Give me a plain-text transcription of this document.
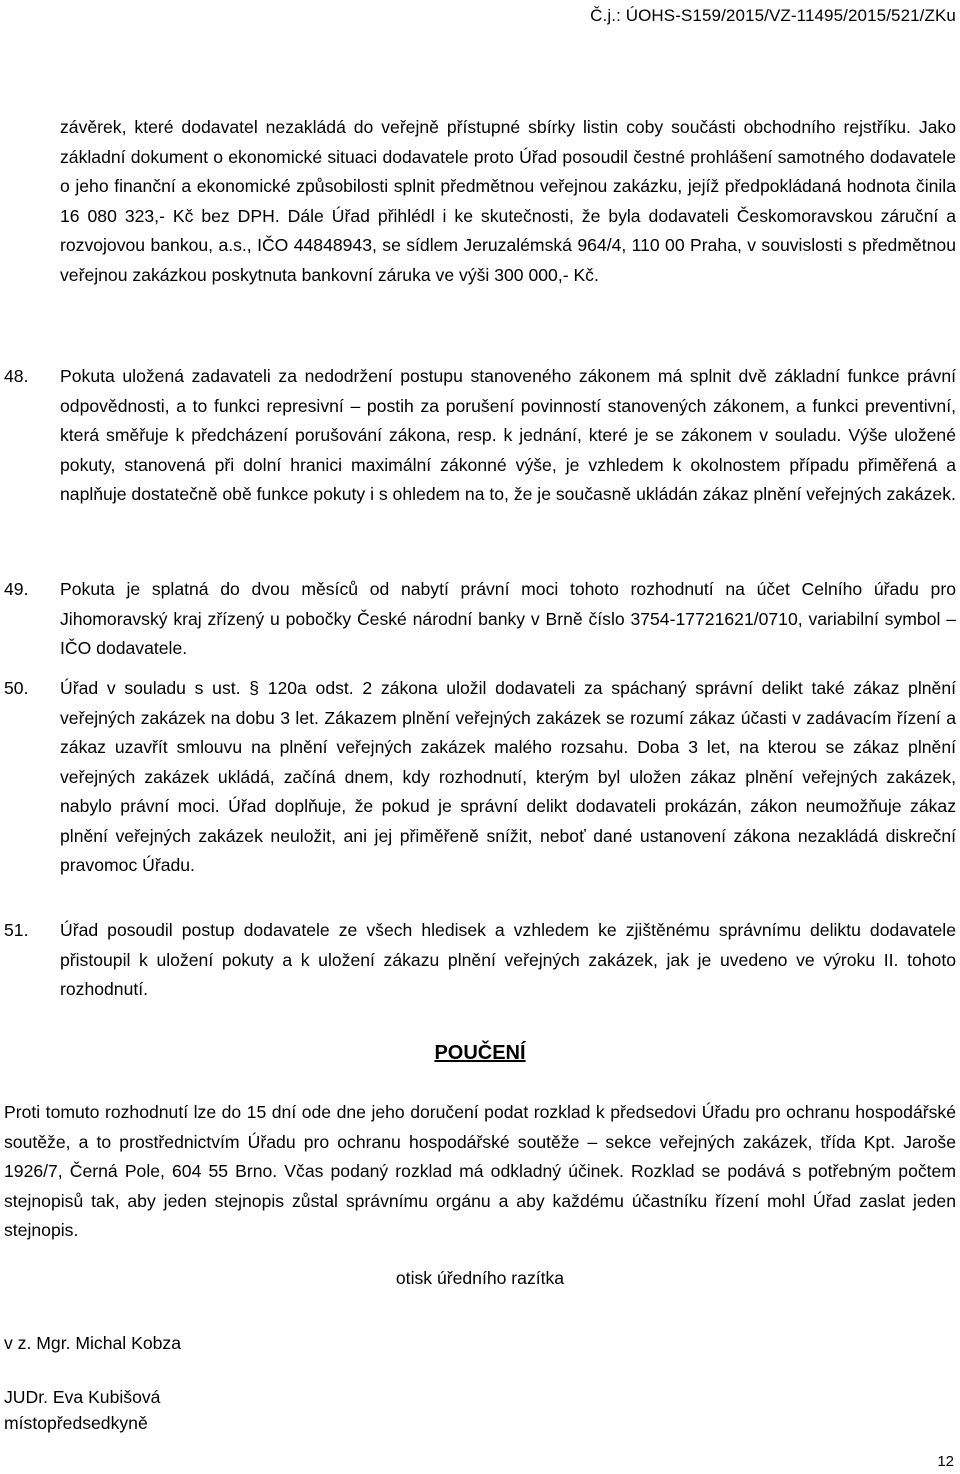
Č.j.: ÚOHS-S159/2015/VZ-11495/2015/521/ZKu

závěrek, které dodavatel nezakládá do veřejně přístupné sbírky listin coby součásti obchodního rejstříku. Jako základní dokument o ekonomické situaci dodavatele proto Úřad posoudil čestné prohlášení samotného dodavatele o jeho finanční a ekonomické způsobilosti splnit předmětnou veřejnou zakázku, jejíž předpokládaná hodnota činila 16 080 323,- Kč bez DPH. Dále Úřad přihlédl i ke skutečnosti, že byla dodavateli Českomoravskou záruční a rozvojovou bankou, a.s., IČO 44848943, se sídlem Jeruzalémská 964/4, 110 00 Praha, v souvislosti s předmětnou veřejnou zakázkou poskytnuta bankovní záruka ve výši 300 000,- Kč.

48. Pokuta uložená zadavateli za nedodržení postupu stanoveného zákonem má splnit dvě základní funkce právní odpovědnosti, a to funkci represivní – postih za porušení povinností stanovených zákonem, a funkci preventivní, která směřuje k předcházení porušování zákona, resp. k jednání, které je se zákonem v souladu. Výše uložené pokuty, stanovená při dolní hranici maximální zákonné výše, je vzhledem k okolnostem případu přiměřená a naplňuje dostatečně obě funkce pokuty i s ohledem na to, že je současně ukládán zákaz plnění veřejných zakázek.
49. Pokuta je splatná do dvou měsíců od nabytí právní moci tohoto rozhodnutí na účet Celního úřadu pro Jihomoravský kraj zřízený u pobočky České národní banky v Brně číslo 3754-17721621/0710, variabilní symbol – IČO dodavatele.
50. Úřad v souladu s ust. § 120a odst. 2 zákona uložil dodavateli za spáchaný správní delikt také zákaz plnění veřejných zakázek na dobu 3 let. Zákazem plnění veřejných zakázek se rozumí zákaz účasti v zadávacím řízení a zákaz uzavřít smlouvu na plnění veřejných zakázek malého rozsahu. Doba 3 let, na kterou se zákaz plnění veřejných zakázek ukládá, začíná dnem, kdy rozhodnutí, kterým byl uložen zákaz plnění veřejných zakázek, nabylo právní moci. Úřad doplňuje, že pokud je správní delikt dodavateli prokázán, zákon neumožňuje zákaz plnění veřejných zakázek neuložit, ani jej přiměřeně snížit, neboť dané ustanovení zákona nezakládá diskreční pravomoc Úřadu.
51. Úřad posoudil postup dodavatele ze všech hledisek a vzhledem ke zjištěnému správnímu deliktu dodavatele přistoupil k uložení pokuty a k uložení zákazu plnění veřejných zakázek, jak je uvedeno ve výroku II. tohoto rozhodnutí.
POUČENÍ

Proti tomuto rozhodnutí lze do 15 dní ode dne jeho doručení podat rozklad k předsedovi Úřadu pro ochranu hospodářské soutěže, a to prostřednictvím Úřadu pro ochranu hospodářské soutěže – sekce veřejných zakázek, třída Kpt. Jaroše 1926/7, Černá Pole, 604 55 Brno. Včas podaný rozklad má odkladný účinek. Rozklad se podává s potřebným počtem stejnopisů tak, aby jeden stejnopis zůstal správnímu orgánu a aby každému účastníku řízení mohl Úřad zaslat jeden stejnopis.

otisk úředního razítka
v z. Mgr. Michal Kobza
JUDr. Eva Kubišová
místopředsedkyně
12
